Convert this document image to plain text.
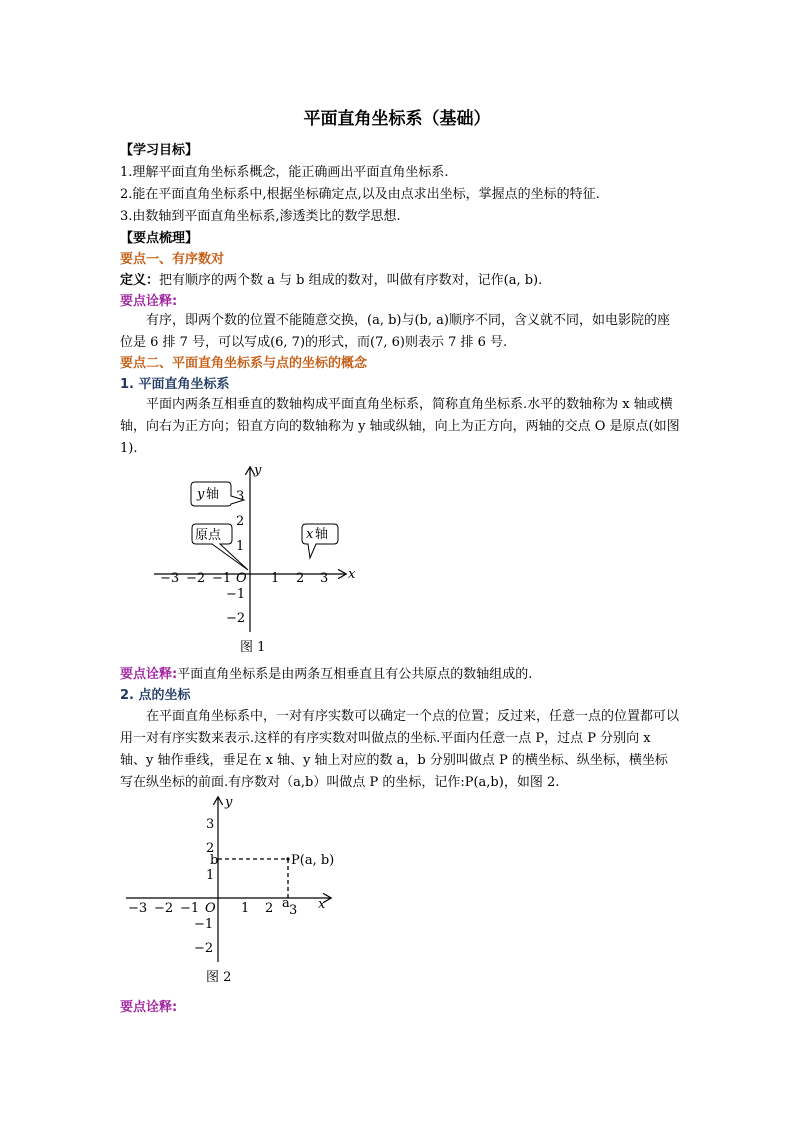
平面直角坐标系（基础）
【学习目标】
1.理解平面直角坐标系概念，能正确画出平面直角坐标系.
2.能在平面直角坐标系中,根据坐标确定点,以及由点求出坐标，掌握点的坐标的特征.
3.由数轴到平面直角坐标系,渗透类比的数学思想.
【要点梳理】
要点一、有序数对
定义：把有顺序的两个数 a 与 b 组成的数对，叫做有序数对，记作(a, b).
要点诠释:
有序，即两个数的位置不能随意交换，(a, b)与(b, a)顺序不同，含义就不同，如电影院的座位是 6 排 7 号，可以写成(6, 7)的形式，而(7, 6)则表示 7 排 6 号.
要点二、平面直角坐标系与点的坐标的概念
1. 平面直角坐标系
平面内两条互相垂直的数轴构成平面直角坐标系，简称直角坐标系.水平的数轴称为 x 轴或横轴，向右为正方向；铅直方向的数轴称为 y 轴或纵轴，向上为正方向，两轴的交点 O 是原点(如图 1).
x
y
O
−3 −2 −1	1 2 3
3
2
1
−1
−2
y 轴
原点	x 轴
图 1
要点诠释:平面直角坐标系是由两条互相垂直且有公共原点的数轴组成的.
2. 点的坐标
在平面直角坐标系中，一对有序实数可以确定一个点的位置；反过来，任意一点的位置都可以用一对有序实数来表示.这样的有序实数对叫做点的坐标.平面内任意一点 P，过点 P 分别向 x 轴、y 轴作垂线，垂足在 x 轴、y 轴上对应的数 a，b 分别叫做点 P 的横坐标、纵坐标，横坐标写在纵坐标的前面.有序数对（a,b）叫做点 P 的坐标，记作:P(a,b)，如图 2.
x
y
O
−3 −2 −1	1 2 3
3
2
1
−1
−2
P(a, b)
b
a
图 2
要点诠释:
